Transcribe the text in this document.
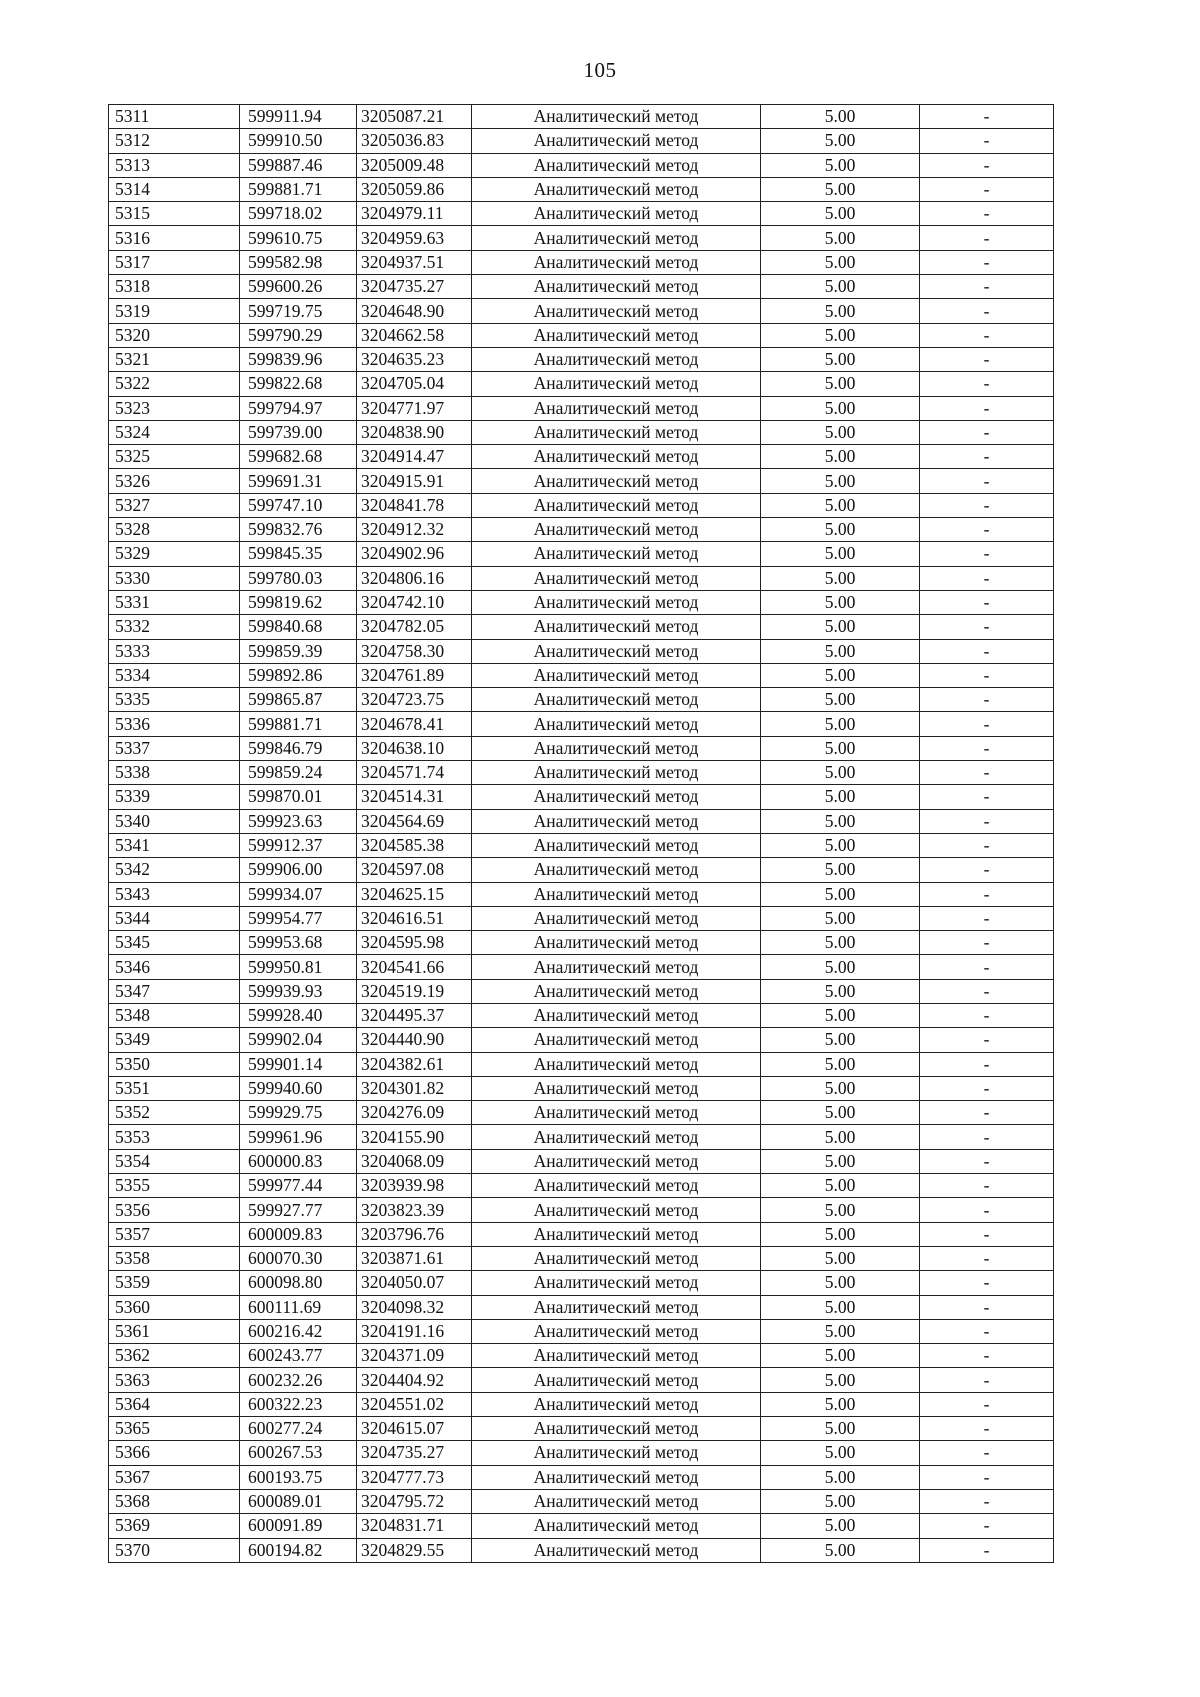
105
5311	599911.94	3205087.21	Аналитический метод	5.00	-
5312	599910.50	3205036.83	Аналитический метод	5.00	-
5313	599887.46	3205009.48	Аналитический метод	5.00	-
5314	599881.71	3205059.86	Аналитический метод	5.00	-
5315	599718.02	3204979.11	Аналитический метод	5.00	-
5316	599610.75	3204959.63	Аналитический метод	5.00	-
5317	599582.98	3204937.51	Аналитический метод	5.00	-
5318	599600.26	3204735.27	Аналитический метод	5.00	-
5319	599719.75	3204648.90	Аналитический метод	5.00	-
5320	599790.29	3204662.58	Аналитический метод	5.00	-
5321	599839.96	3204635.23	Аналитический метод	5.00	-
5322	599822.68	3204705.04	Аналитический метод	5.00	-
5323	599794.97	3204771.97	Аналитический метод	5.00	-
5324	599739.00	3204838.90	Аналитический метод	5.00	-
5325	599682.68	3204914.47	Аналитический метод	5.00	-
5326	599691.31	3204915.91	Аналитический метод	5.00	-
5327	599747.10	3204841.78	Аналитический метод	5.00	-
5328	599832.76	3204912.32	Аналитический метод	5.00	-
5329	599845.35	3204902.96	Аналитический метод	5.00	-
5330	599780.03	3204806.16	Аналитический метод	5.00	-
5331	599819.62	3204742.10	Аналитический метод	5.00	-
5332	599840.68	3204782.05	Аналитический метод	5.00	-
5333	599859.39	3204758.30	Аналитический метод	5.00	-
5334	599892.86	3204761.89	Аналитический метод	5.00	-
5335	599865.87	3204723.75	Аналитический метод	5.00	-
5336	599881.71	3204678.41	Аналитический метод	5.00	-
5337	599846.79	3204638.10	Аналитический метод	5.00	-
5338	599859.24	3204571.74	Аналитический метод	5.00	-
5339	599870.01	3204514.31	Аналитический метод	5.00	-
5340	599923.63	3204564.69	Аналитический метод	5.00	-
5341	599912.37	3204585.38	Аналитический метод	5.00	-
5342	599906.00	3204597.08	Аналитический метод	5.00	-
5343	599934.07	3204625.15	Аналитический метод	5.00	-
5344	599954.77	3204616.51	Аналитический метод	5.00	-
5345	599953.68	3204595.98	Аналитический метод	5.00	-
5346	599950.81	3204541.66	Аналитический метод	5.00	-
5347	599939.93	3204519.19	Аналитический метод	5.00	-
5348	599928.40	3204495.37	Аналитический метод	5.00	-
5349	599902.04	3204440.90	Аналитический метод	5.00	-
5350	599901.14	3204382.61	Аналитический метод	5.00	-
5351	599940.60	3204301.82	Аналитический метод	5.00	-
5352	599929.75	3204276.09	Аналитический метод	5.00	-
5353	599961.96	3204155.90	Аналитический метод	5.00	-
5354	600000.83	3204068.09	Аналитический метод	5.00	-
5355	599977.44	3203939.98	Аналитический метод	5.00	-
5356	599927.77	3203823.39	Аналитический метод	5.00	-
5357	600009.83	3203796.76	Аналитический метод	5.00	-
5358	600070.30	3203871.61	Аналитический метод	5.00	-
5359	600098.80	3204050.07	Аналитический метод	5.00	-
5360	600111.69	3204098.32	Аналитический метод	5.00	-
5361	600216.42	3204191.16	Аналитический метод	5.00	-
5362	600243.77	3204371.09	Аналитический метод	5.00	-
5363	600232.26	3204404.92	Аналитический метод	5.00	-
5364	600322.23	3204551.02	Аналитический метод	5.00	-
5365	600277.24	3204615.07	Аналитический метод	5.00	-
5366	600267.53	3204735.27	Аналитический метод	5.00	-
5367	600193.75	3204777.73	Аналитический метод	5.00	-
5368	600089.01	3204795.72	Аналитический метод	5.00	-
5369	600091.89	3204831.71	Аналитический метод	5.00	-
5370	600194.82	3204829.55	Аналитический метод	5.00	-
